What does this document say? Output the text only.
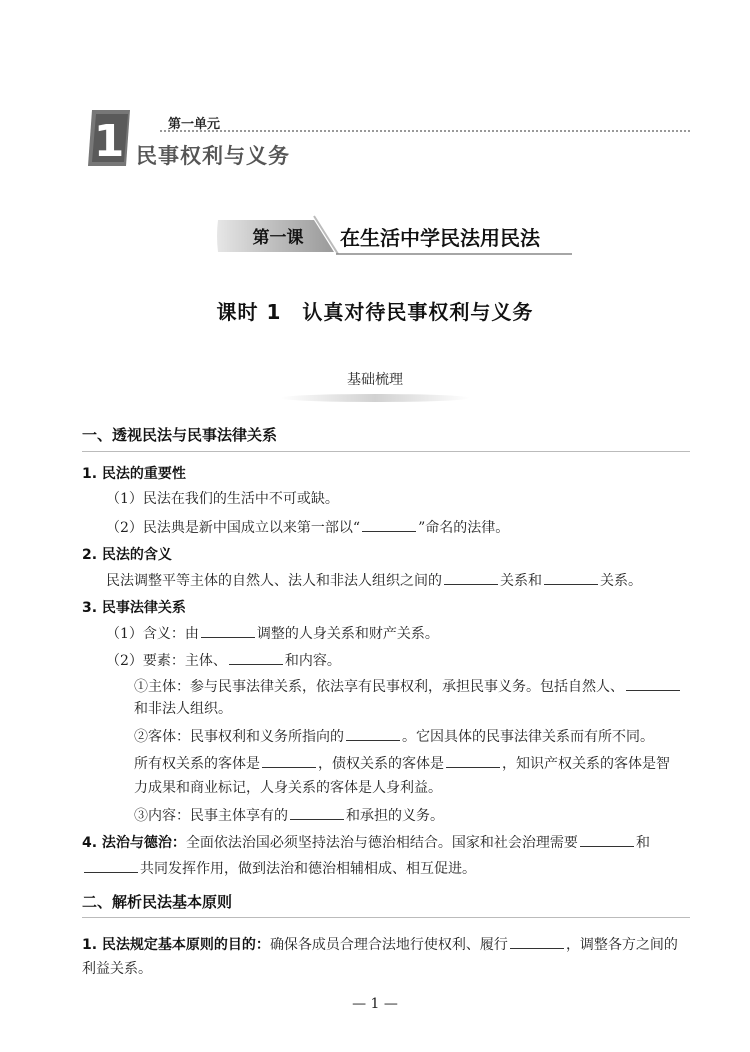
1	第一单元
民事权利与义务
第一课	在生活中学民法用民法
课时 1　认真对待民事权利与义务
基础梳理
一、透视民法与民事法律关系
1. 民法的重要性
（1）民法在我们的生活中不可或缺。
（2）民法典是新中国成立以来第一部以“	”命名的法律。
2. 民法的含义
民法调整平等主体的自然人、法人和非法人组织之间的	关系和	关系。
3. 民事法律关系
（1）含义：由	调整的人身关系和财产关系。
（2）要素：主体、	和内容。
①主体：参与民事法律关系，依法享有民事权利，承担民事义务。包括自然人、
和非法人组织。
②客体：民事权利和义务所指向的	。它因具体的民事法律关系而有所不同。
所有权关系的客体是	，债权关系的客体是	，知识产权关系的客体是智
力成果和商业标记，人身关系的客体是人身利益。
③内容：民事主体享有的	和承担的义务。
4. 法治与德治：全面依法治国必须坚持法治与德治相结合。国家和社会治理需要	和
共同发挥作用，做到法治和德治相辅相成、相互促进。
二、解析民法基本原则
1. 民法规定基本原则的目的：确保各成员合理合法地行使权利、履行	，调整各方之间的
利益关系。
— 1 —
